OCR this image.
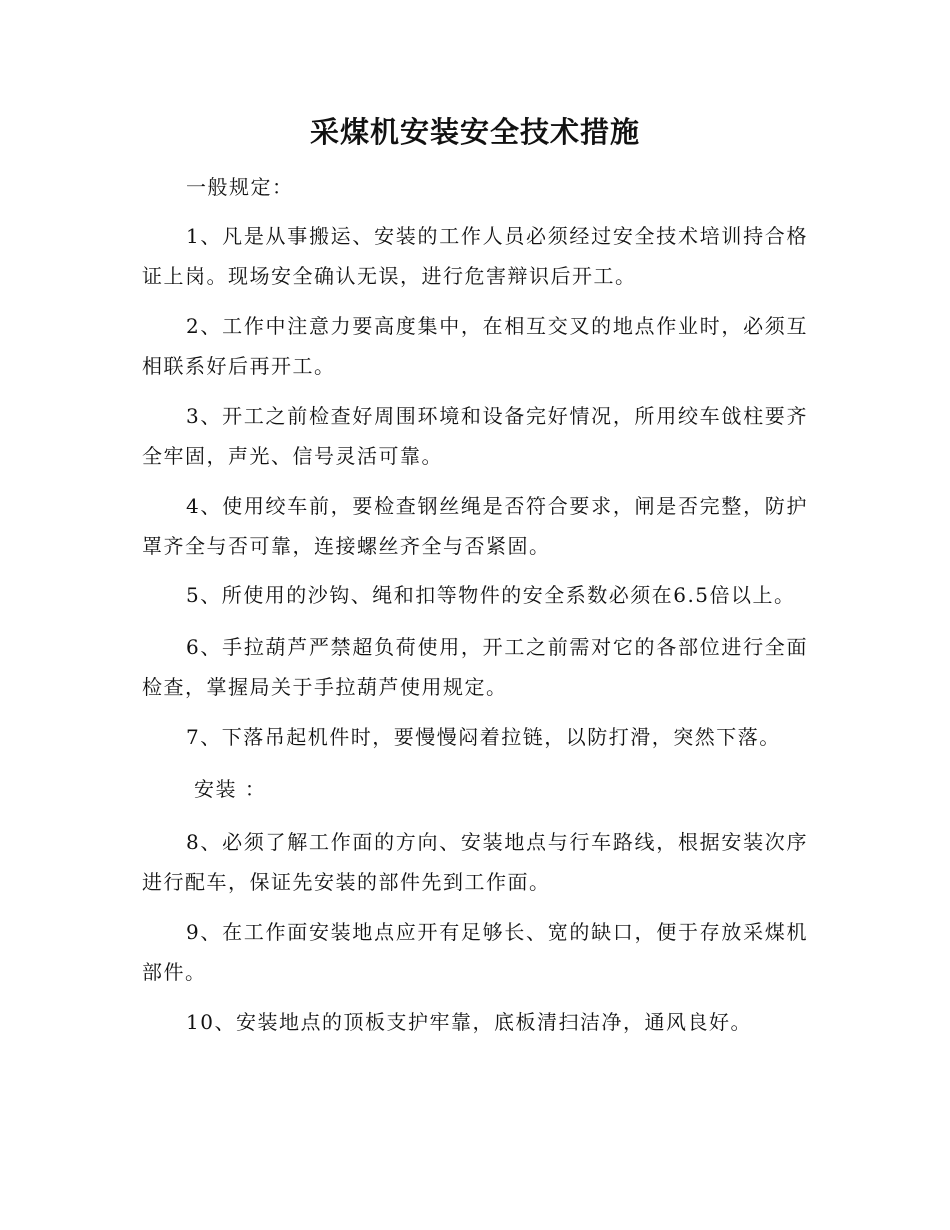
采煤机安装安全技术措施
一般规定：

1、凡是从事搬运、安装的工作人员必须经过安全技术培训持合格证上岗。现场安全确认无误，进行危害辩识后开工。

2、工作中注意力要高度集中，在相互交叉的地点作业时，必须互相联系好后再开工。

3、开工之前检查好周围环境和设备完好情况，所用绞车戗柱要齐全牢固，声光、信号灵活可靠。

4、使用绞车前，要检查钢丝绳是否符合要求，闸是否完整，防护罩齐全与否可靠，连接螺丝齐全与否紧固。

5、所使用的沙钩、绳和扣等物件的安全系数必须在6.5倍以上。

6、手拉葫芦严禁超负荷使用，开工之前需对它的各部位进行全面检查，掌握局关于手拉葫芦使用规定。

7、下落吊起机件时，要慢慢闷着拉链，以防打滑，突然下落。

安装 ：

8、必须了解工作面的方向、安装地点与行车路线，根据安装次序进行配车，保证先安装的部件先到工作面。

9、在工作面安装地点应开有足够长、宽的缺口，便于存放采煤机部件。

10、安装地点的顶板支护牢靠，底板清扫洁净，通风良好。
